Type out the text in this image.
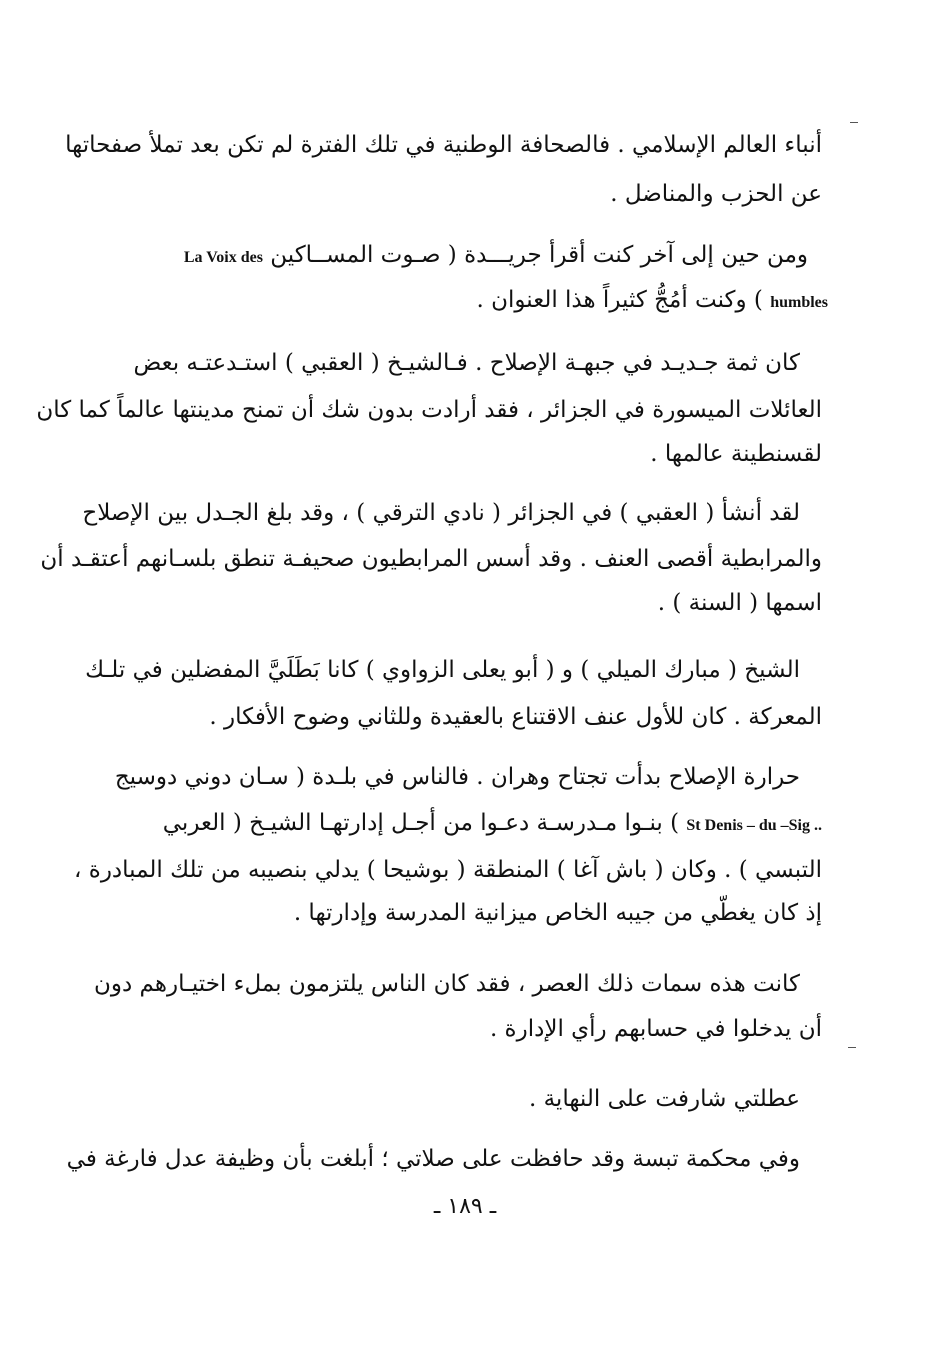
أنباء العالم الإسلامي . فالصحافة الوطنية في تلك الفترة لم تكن بعد تملأ صفحاتها
عن الحزب والمناضل .
ومن حين إلى آخر كنت أقرأ جريـــدة ( صـوت المســاكين La Voix des
humbles ) وكنت أمُجُّ كثيراً هذا العنوان .
كان ثمة جـديـد في جبهـة الإصلاح . فـالشيـخ ( العقبي ) استـدعتـه بعض
العائلات الميسورة في الجزائر ، فقد أرادت بدون شك أن تمنح مدينتها عالماً كما كان
لقسنطينة عالمها .
لقد أنشأ ( العقبي ) في الجزائر ( نادي الترقي ) ، وقد بلغ الجـدل بين الإصلاح
والمرابطية أقصى العنف . وقد أسس المرابطيون صحيفـة تنطق بلسـانهم أعتقـد أن
اسمها ( السنة ) .
الشيخ ( مبارك الميلي ) و ( أبو يعلى الزواوي ) كانا بَطَلَيَّ المفضلين في تلـك
المعركة . كان للأول عنف الاقتناع بالعقيدة وللثاني وضوح الأفكار .
حرارة الإصلاح بدأت تجتاح وهران . فالناس في بلـدة ( سـان دوني دوسيج
St Denis – du –Sig .. ) بنـوا مـدرسـة دعـوا من أجـل إدارتهـا الشيـخ ( العربي
التبسي ) . وكان ( باش آغا ) المنطقة ( بوشيحا ) يدلي بنصيبه من تلك المبادرة ،
إذ كان يغطّي من جيبه الخاص ميزانية المدرسة وإدارتها .
كانت هذه سمات ذلك العصر ، فقد كان الناس يلتزمون بملء اختيـارهم دون
أن يدخلوا في حسابهم رأي الإدارة .
عطلتي شارفت على النهاية .
وفي محكمة تبسة وقد حافظت على صلاتي ؛ أبلغت بأن وظيفة عدل فارغة في
ـ ١٨٩ ـ
